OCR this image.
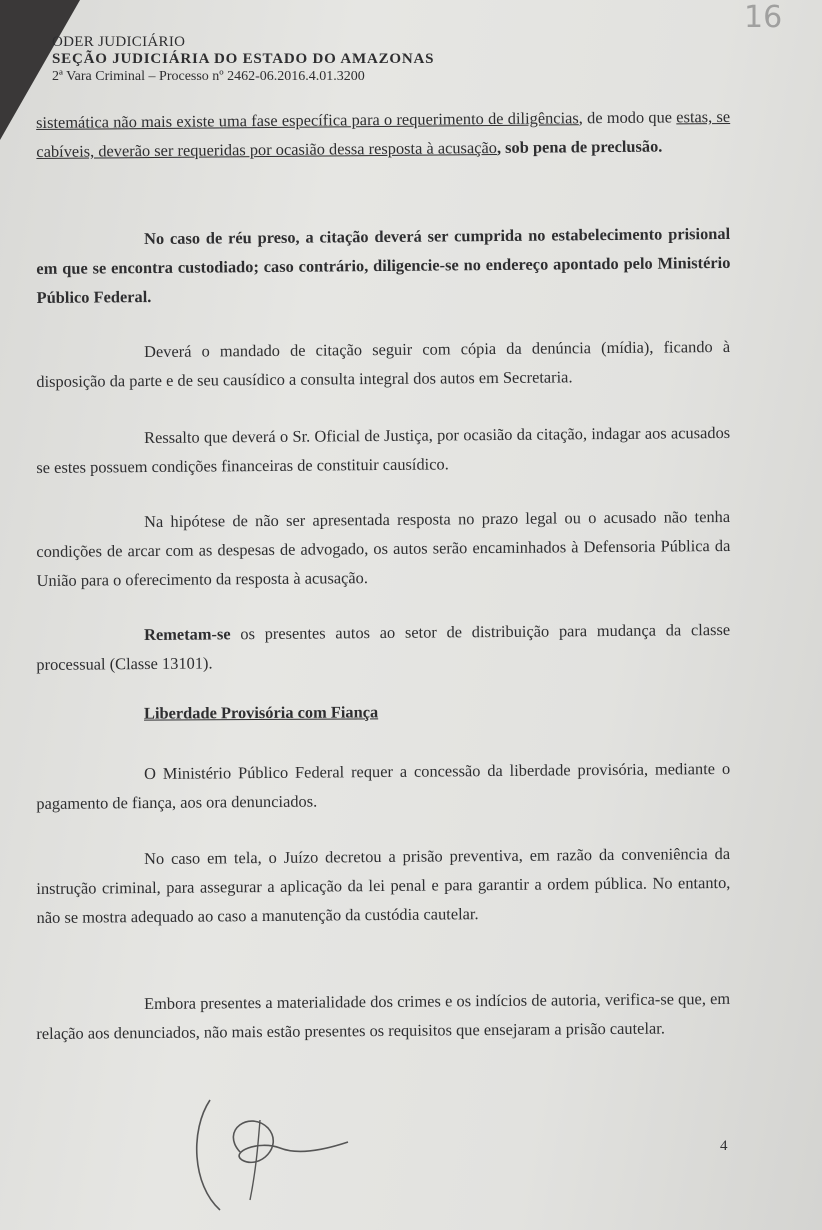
16
ODER JUDICIÁRIO
SEÇÃO JUDICIÁRIA DO ESTADO DO AMAZONAS
2ª Vara Criminal – Processo nº 2462-06.2016.4.01.3200
sistemática não mais existe uma fase específica para o requerimento de diligências, de modo que estas, se cabíveis, deverão ser requeridas por ocasião dessa resposta à acusação, sob pena de preclusão.
No caso de réu preso, a citação deverá ser cumprida no estabelecimento prisional em que se encontra custodiado; caso contrário, diligencie-se no endereço apontado pelo Ministério Público Federal.
Deverá o mandado de citação seguir com cópia da denúncia (mídia), ficando à disposição da parte e de seu causídico a consulta integral dos autos em Secretaria.
Ressalto que deverá o Sr. Oficial de Justiça, por ocasião da citação, indagar aos acusados se estes possuem condições financeiras de constituir causídico.
Na hipótese de não ser apresentada resposta no prazo legal ou o acusado não tenha condições de arcar com as despesas de advogado, os autos serão encaminhados à Defensoria Pública da União para o oferecimento da resposta à acusação.
Remetam-se os presentes autos ao setor de distribuição para mudança da classe processual (Classe 13101).
Liberdade Provisória com Fiança
O Ministério Público Federal requer a concessão da liberdade provisória, mediante o pagamento de fiança, aos ora denunciados.
No caso em tela, o Juízo decretou a prisão preventiva, em razão da conveniência da instrução criminal, para assegurar a aplicação da lei penal e para garantir a ordem pública. No entanto, não se mostra adequado ao caso a manutenção da custódia cautelar.
Embora presentes a materialidade dos crimes e os indícios de autoria, verifica-se que, em relação aos denunciados, não mais estão presentes os requisitos que ensejaram a prisão cautelar.
4
